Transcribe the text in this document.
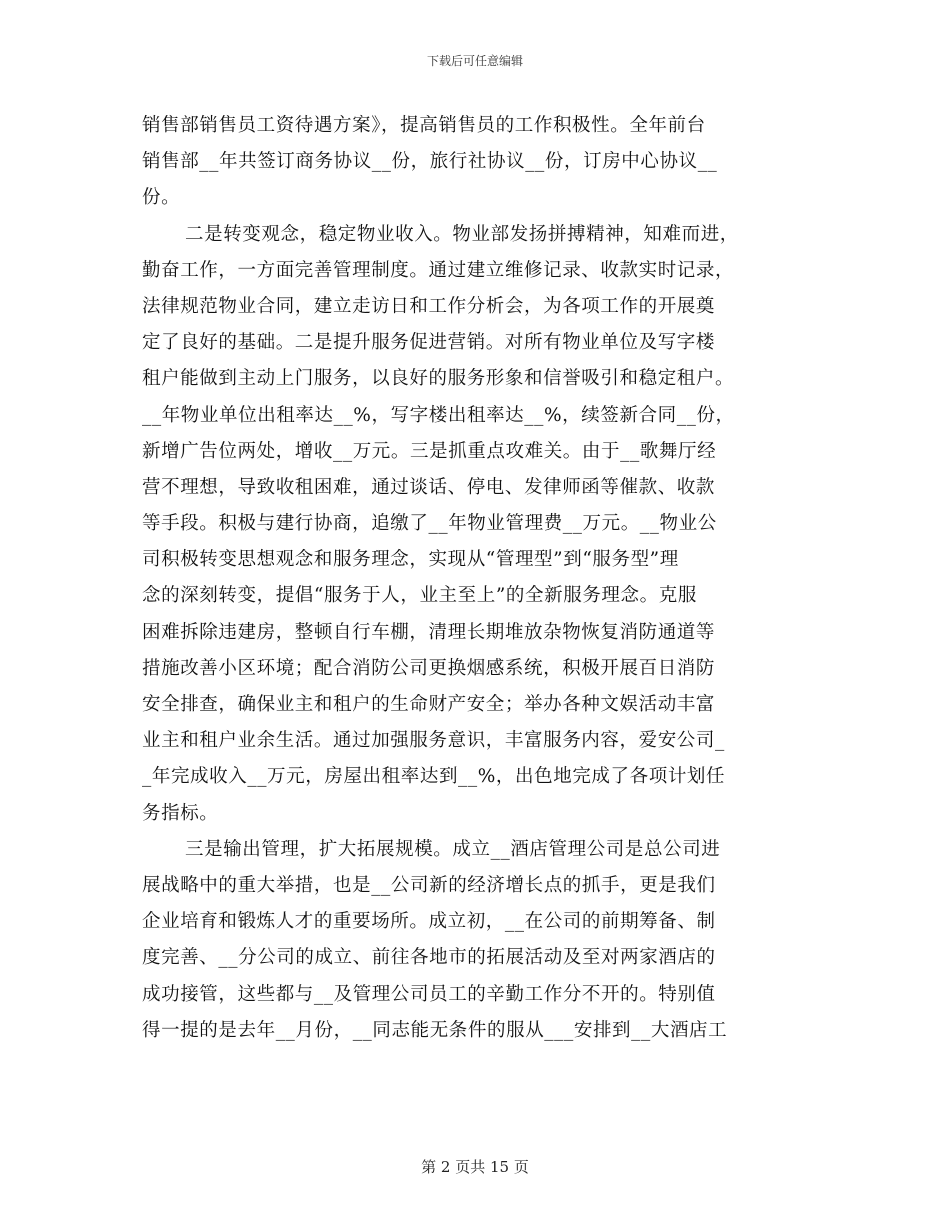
下载后可任意编辑
销售部销售员工资待遇方案》，提高销售员的工作积极性。全年前台
销售部__年共签订商务协议__份，旅行社协议__份，订房中心协议__
份。
二是转变观念，稳定物业收入。物业部发扬拼搏精神，知难而进，
勤奋工作，一方面完善管理制度。通过建立维修记录、收款实时记录，
法律规范物业合同，建立走访日和工作分析会，为各项工作的开展奠
定了良好的基础。二是提升服务促进营销。对所有物业单位及写字楼
租户能做到主动上门服务，以良好的服务形象和信誉吸引和稳定租户。
__年物业单位出租率达__%，写字楼出租率达__%，续签新合同__份，
新增广告位两处，增收__万元。三是抓重点攻难关。由于__歌舞厅经
营不理想，导致收租困难，通过谈话、停电、发律师函等催款、收款
等手段。积极与建行协商，追缴了__年物业管理费__万元。__物业公
司积极转变思想观念和服务理念，实现从“管理型”到“服务型”理
念的深刻转变，提倡“服务于人，业主至上”的全新服务理念。克服
困难拆除违建房，整顿自行车棚，清理长期堆放杂物恢复消防通道等
措施改善小区环境；配合消防公司更换烟感系统，积极开展百日消防
安全排查，确保业主和租户的生命财产安全；举办各种文娱活动丰富
业主和租户业余生活。通过加强服务意识，丰富服务内容，爱安公司_
_年完成收入__万元，房屋出租率达到__%，出色地完成了各项计划任
务指标。
三是输出管理，扩大拓展规模。成立__酒店管理公司是总公司进
展战略中的重大举措，也是__公司新的经济增长点的抓手，更是我们
企业培育和锻炼人才的重要场所。成立初，__在公司的前期筹备、制
度完善、__分公司的成立、前往各地市的拓展活动及至对两家酒店的
成功接管，这些都与__及管理公司员工的辛勤工作分不开的。特别值
得一提的是去年__月份，__同志能无条件的服从___安排到__大酒店工
第 2 页共 15 页
